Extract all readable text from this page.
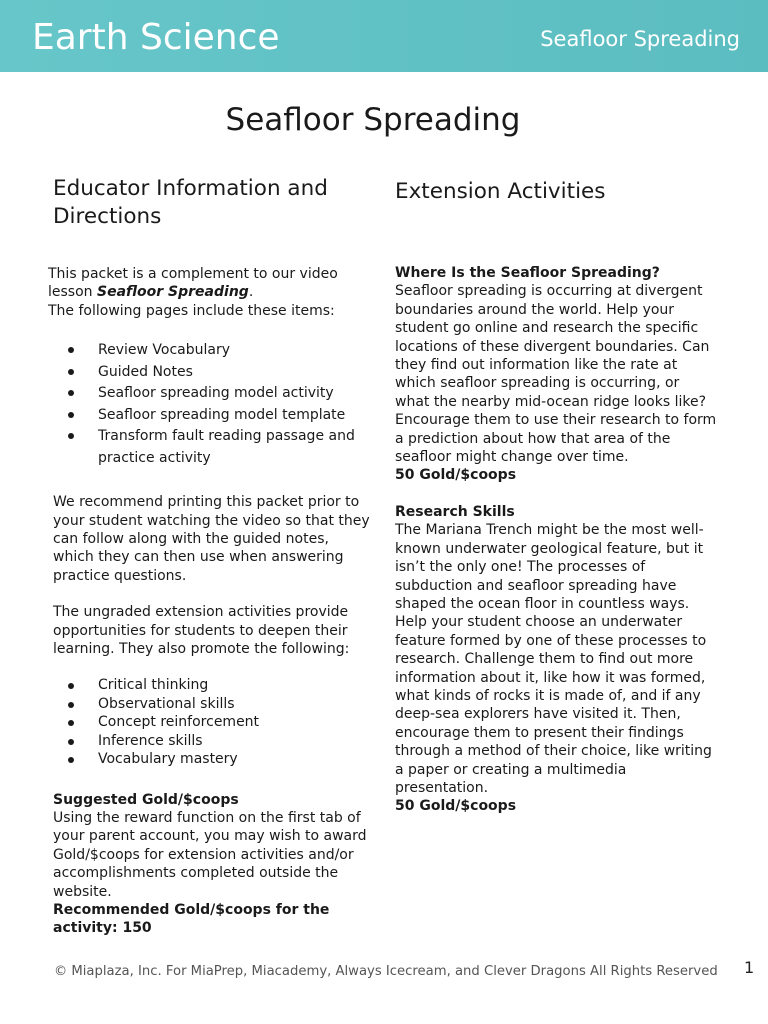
Earth Science	Seafloor Spreading
Seafloor Spreading
Educator Information and Directions

This packet is a complement to our video lesson Seafloor Spreading.

The following pages include these items:

Review Vocabulary
Guided Notes
Seafloor spreading model activity
Seafloor spreading model template
Transform fault reading passage and practice activity

We recommend printing this packet prior to your student watching the video so that they can follow along with the guided notes, which they can then use when answering practice questions.

The ungraded extension activities provide opportunities for students to deepen their learning. They also promote the following:

Critical thinking
Observational skills
Concept reinforcement
Inference skills
Vocabulary mastery

Suggested Gold/$coops

Using the reward function on the first tab of your parent account, you may wish to award Gold/$coops for extension activities and/or accomplishments completed outside the website.

Recommended Gold/$coops for the activity: 150

Extension Activities

Where Is the Seafloor Spreading?

Seafloor spreading is occurring at divergent boundaries around the world. Help your student go online and research the specific locations of these divergent boundaries. Can they find out information like the rate at which seafloor spreading is occurring, or what the nearby mid-ocean ridge looks like? Encourage them to use their research to form a prediction about how that area of the seafloor might change over time.

50 Gold/$coops

Research Skills

The Mariana Trench might be the most well-known underwater geological feature, but it isn’t the only one! The processes of subduction and seafloor spreading have shaped the ocean floor in countless ways. Help your student choose an underwater feature formed by one of these processes to research. Challenge them to find out more information about it, like how it was formed, what kinds of rocks it is made of, and if any deep-sea explorers have visited it. Then, encourage them to present their findings through a method of their choice, like writing a paper or creating a multimedia presentation.

50 Gold/$coops

© Miaplaza, Inc. For MiaPrep, Miacademy, Always Icecream, and Clever Dragons All Rights Reserved 1
